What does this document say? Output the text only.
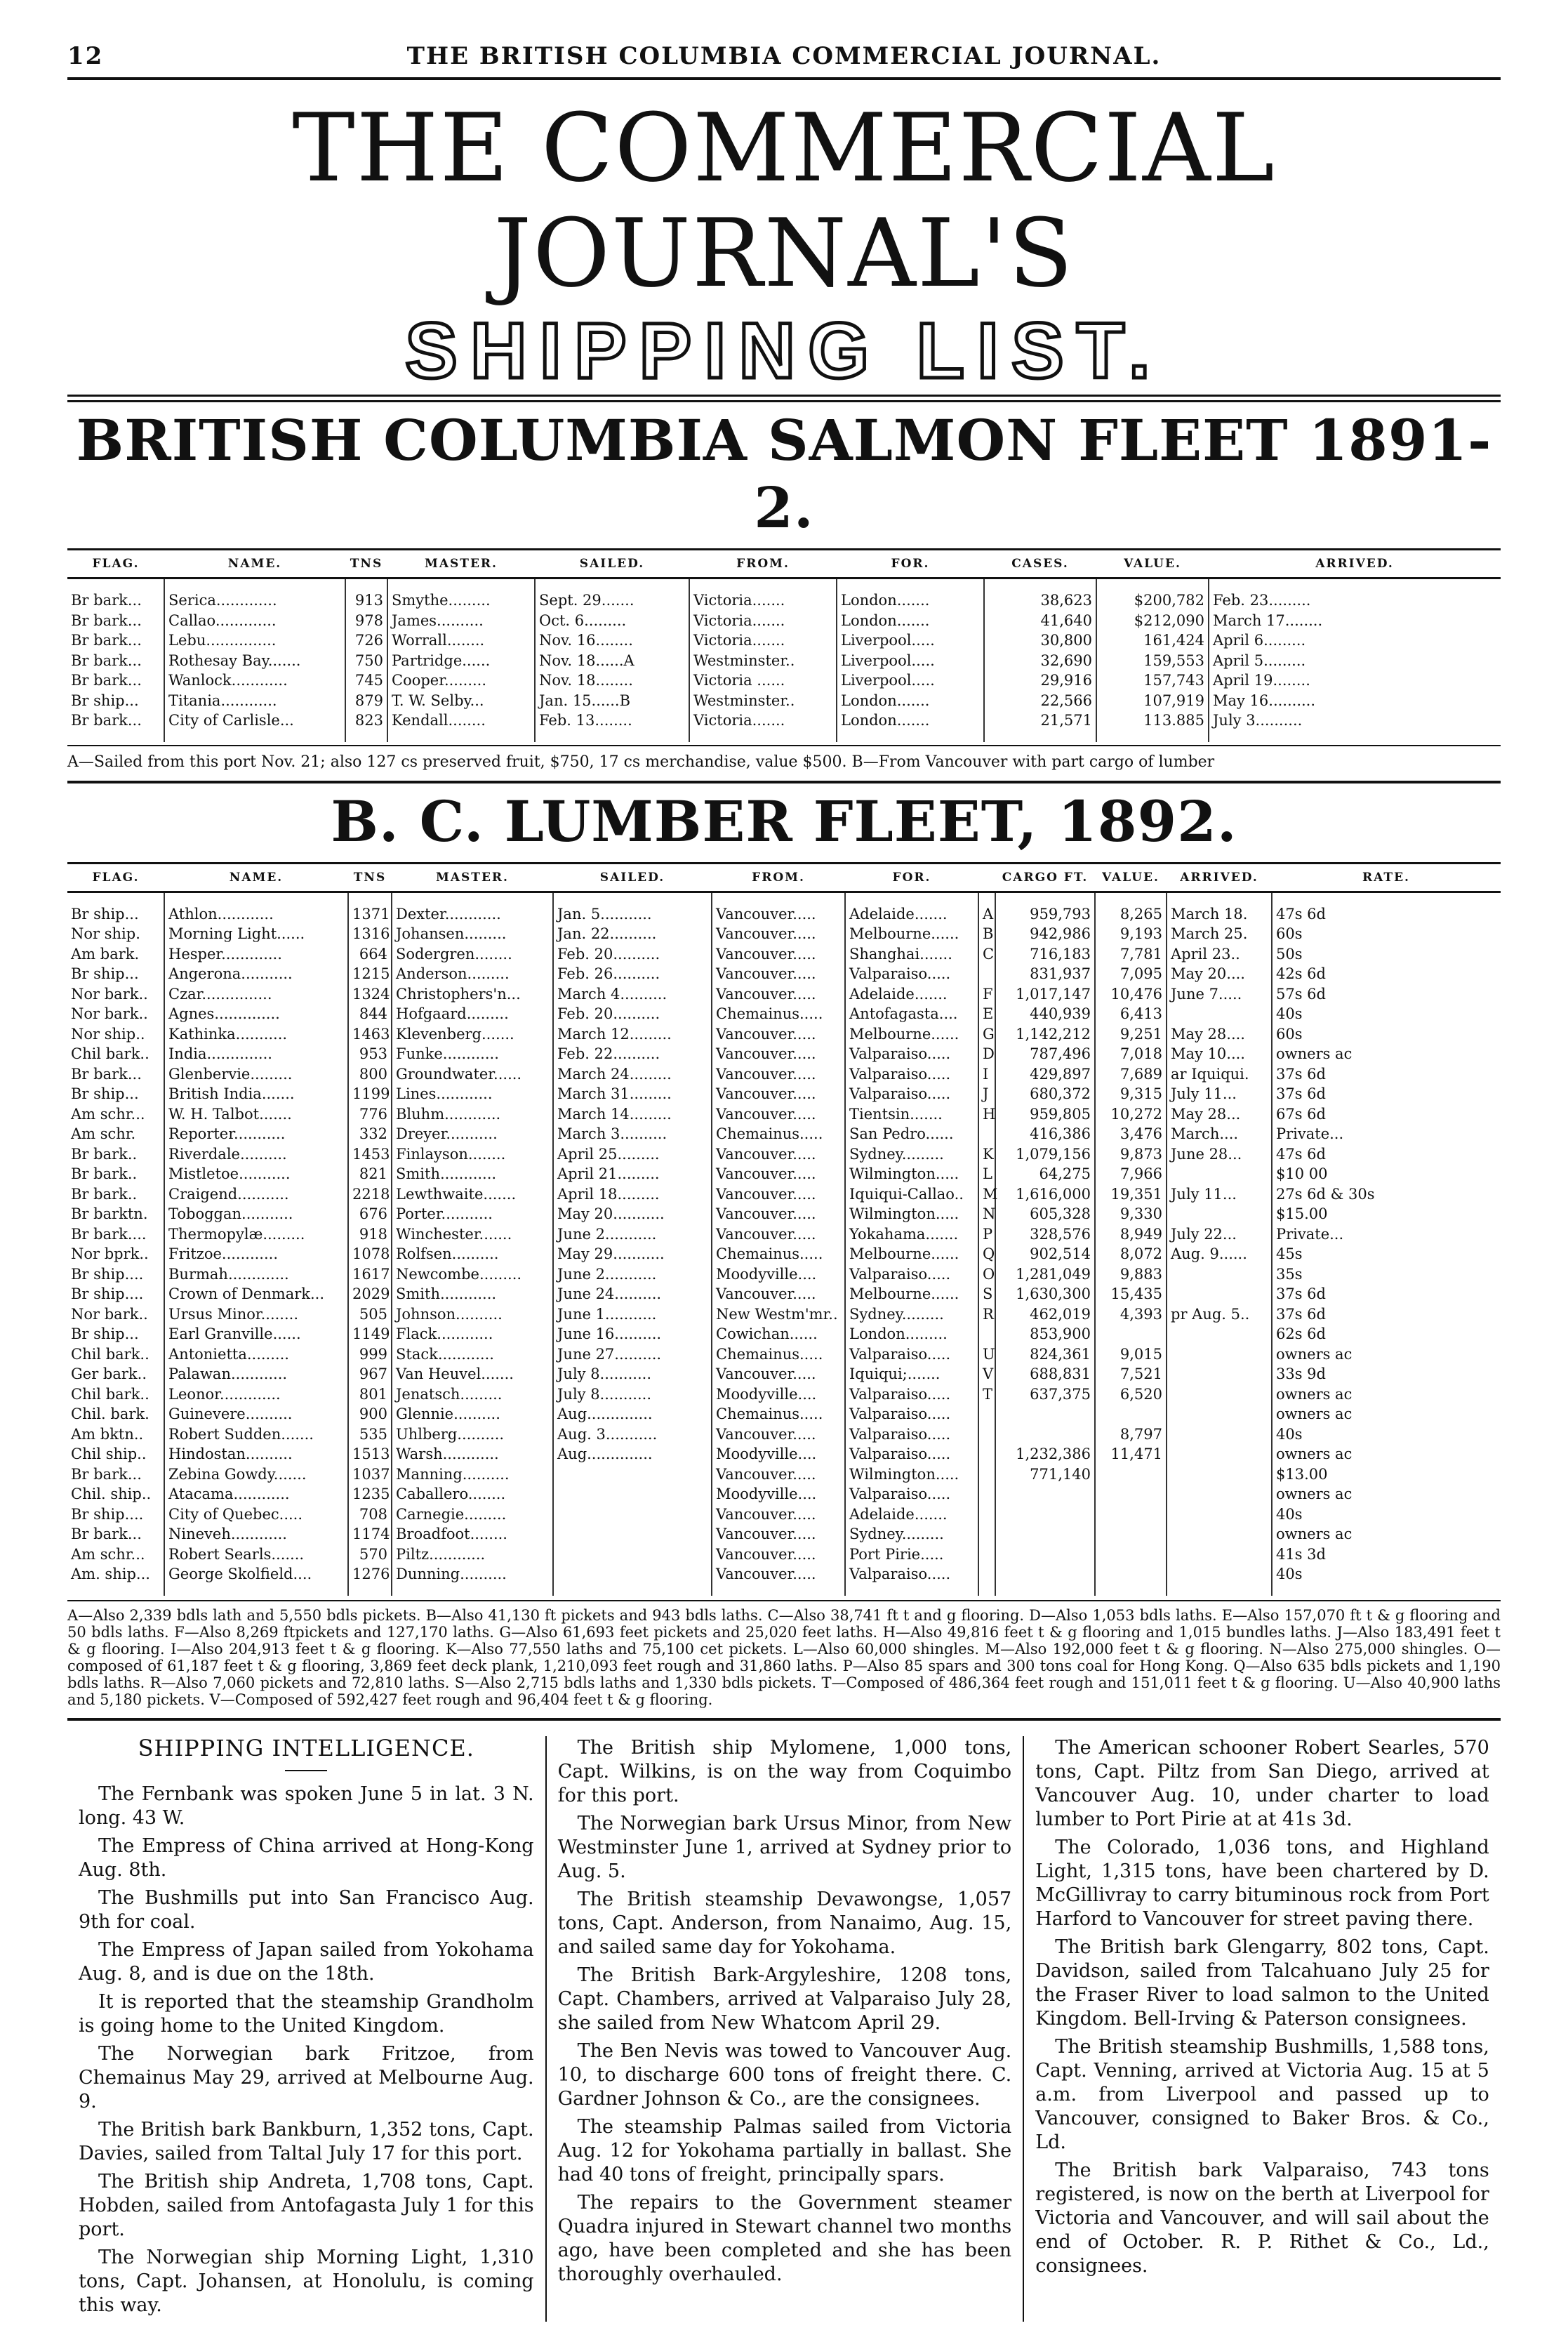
12	THE BRITISH COLUMBIA COMMERCIAL JOURNAL.
THE COMMERCIAL JOURNAL'S
SHIPPING LIST.
BRITISH COLUMBIA SALMON FLEET 1891-2.
FLAG.	NAME.	TNS	MASTER.	SAILED.	FROM.	FOR.	CASES.	VALUE.	ARRIVED.

Br bark...	Serica.............	913	Smythe.........	Sept. 29.......	Victoria.......	London.......	38,623	$200,782	Feb. 23.........
Br bark...	Callao.............	978	James..........	Oct. 6.........	Victoria.......	London.......	41,640	$212,090	March 17........
Br bark...	Lebu...............	726	Worrall........	Nov. 16........	Victoria.......	Liverpool.....	30,800	161,424	April 6.........
Br bark...	Rothesay Bay.......	750	Partridge......	Nov. 18......A	Westminster..	Liverpool.....	32,690	159,553	April 5.........
Br bark...	Wanlock............	745	Cooper.........	Nov. 18........	Victoria ......	Liverpool.....	29,916	157,743	April 19........
Br ship...	Titania............	879	T. W. Selby...	Jan. 15......B	Westminster..	London.......	22,566	107,919	May 16..........
Br bark...	City of Carlisle...	823	Kendall........	Feb. 13........	Victoria.......	London.......	21,571	113.885	July 3..........

A—Sailed from this port Nov. 21; also 127 cs preserved fruit, $750, 17 cs merchandise, value $500. B—From Vancouver with part cargo of lumber
B. C. LUMBER FLEET, 1892.
FLAG.	NAME.	TNS	MASTER.	SAILED.	FROM.	FOR.		CARGO FT.	VALUE.	ARRIVED.	RATE.

Br ship...	Athlon............	1371	Dexter............	Jan. 5...........	Vancouver.....	Adelaide.......	A	959,793	8,265	March 18.	47s 6d
Nor ship.	Morning Light......	1316	Johansen.........	Jan. 22..........	Vancouver.....	Melbourne......	B	942,986	9,193	March 25.	60s
Am bark.	Hesper.............	664	Sodergren........	Feb. 20..........	Vancouver.....	Shanghai.......	C	716,183	7,781	April 23..	50s
Br ship...	Angerona...........	1215	Anderson.........	Feb. 26..........	Vancouver.....	Valparaiso.....		831,937	7,095	May 20....	42s 6d
Nor bark..	Czar...............	1324	Christophers'n...	March 4..........	Vancouver.....	Adelaide.......	F	1,017,147	10,476	June 7.....	57s 6d
Nor bark..	Agnes..............	844	Hofgaard.........	Feb. 20..........	Chemainus.....	Antofagasta....	E	440,939	6,413		40s
Nor ship..	Kathinka...........	1463	Klevenberg.......	March 12.........	Vancouver.....	Melbourne......	G	1,142,212	9,251	May 28....	60s
Chil bark..	India..............	953	Funke............	Feb. 22..........	Vancouver.....	Valparaiso.....	D	787,496	7,018	May 10....	owners ac
Br bark...	Glenbervie.........	800	Groundwater......	March 24.........	Vancouver.....	Valparaiso.....	I	429,897	7,689	ar Iquiqui.	37s 6d
Br ship...	British India.......	1199	Lines............	March 31.........	Vancouver.....	Valparaiso.....	J	680,372	9,315	July 11...	37s 6d
Am schr...	W. H. Talbot.......	776	Bluhm............	March 14.........	Vancouver.....	Tientsin.......	H	959,805	10,272	May 28...	67s 6d
Am schr.	Reporter...........	332	Dreyer...........	March 3..........	Chemainus.....	San Pedro......		416,386	3,476	March....	Private...
Br bark..	Riverdale..........	1453	Finlayson........	April 25.........	Vancouver.....	Sydney.........	K	1,079,156	9,873	June 28...	47s 6d
Br bark..	Mistletoe...........	821	Smith............	April 21.........	Vancouver.....	Wilmington.....	L	64,275	7,966		$10 00
Br bark..	Craigend...........	2218	Lewthwaite.......	April 18.........	Vancouver.....	Iquiqui-Callao..	M	1,616,000	19,351	July 11...	27s 6d & 30s
Br barktn.	Toboggan...........	676	Porter...........	May 20...........	Vancouver.....	Wilmington.....	N	605,328	9,330		$15.00
Br bark....	Thermopylæ.........	918	Winchester.......	June 2...........	Vancouver.....	Yokahama.......	P	328,576	8,949	July 22...	Private...
Nor bprk..	Fritzoe............	1078	Rolfsen..........	May 29...........	Chemainus.....	Melbourne......	Q	902,514	8,072	Aug. 9......	45s
Br ship....	Burmah.............	1617	Newcombe.........	June 2...........	Moodyville....	Valparaiso.....	O	1,281,049	9,883		35s
Br ship....	Crown of Denmark...	2029	Smith............	June 24..........	Vancouver.....	Melbourne......	S	1,630,300	15,435		37s 6d
Nor bark..	Ursus Minor........	505	Johnson..........	June 1...........	New Westm'mr..	Sydney.........	R	462,019	4,393	pr Aug. 5..	37s 6d
Br ship...	Earl Granville......	1149	Flack............	June 16..........	Cowichan......	London.........		853,900			62s 6d
Chil bark..	Antonietta.........	999	Stack............	June 27..........	Chemainus.....	Valparaiso.....	U	824,361	9,015		owners ac
Ger bark..	Palawan............	967	Van Heuvel.......	July 8...........	Vancouver.....	Iquiqui;.......	V	688,831	7,521		33s 9d
Chil bark..	Leonor.............	801	Jenatsch.........	July 8...........	Moodyville....	Valparaiso.....	T	637,375	6,520		owners ac
Chil. bark.	Guinevere..........	900	Glennie..........	Aug..............	Chemainus.....	Valparaiso.....					owners ac
Am bktn..	Robert Sudden.......	535	Uhlberg..........	Aug. 3...........	Vancouver.....	Valparaiso.....			8,797		40s
Chil ship..	Hindostan..........	1513	Warsh............	Aug..............	Moodyville....	Valparaiso.....		1,232,386	11,471		owners ac
Br bark...	Zebina Gowdy.......	1037	Manning..........		Vancouver.....	Wilmington.....		771,140			$13.00
Chil. ship..	Atacama............	1235	Caballero........		Moodyville....	Valparaiso.....					owners ac
Br ship....	City of Quebec.....	708	Carnegie.........		Vancouver.....	Adelaide.......					40s
Br bark...	Nineveh............	1174	Broadfoot........		Vancouver.....	Sydney.........					owners ac
Am schr...	Robert Searls.......	570	Piltz............		Vancouver.....	Port Pirie.....					41s 3d
Am. ship...	George Skolfield....	1276	Dunning..........		Vancouver.....	Valparaiso.....					40s

A—Also 2,339 bdls lath and 5,550 bdls pickets. B—Also 41,130 ft pickets and 943 bdls laths. C—Also 38,741 ft t and g flooring. D—Also 1,053 bdls laths. E—Also 157,070 ft t & g flooring and 50 bdls laths. F—Also 8,269 ftpickets and 127,170 laths. G—Also 61,693 feet pickets and 25,020 feet laths. H—Also 49,816 feet t & g flooring and 1,015 bundles laths. J—Also 183,491 feet t & g flooring. I—Also 204,913 feet t & g flooring. K—Also 77,550 laths and 75,100 cet pickets. L—Also 60,000 shingles. M—Also 192,000 feet t & g flooring. N—Also 275,000 shingles. O—composed of 61,187 feet t & g flooring, 3,869 feet deck plank, 1,210,093 feet rough and 31,860 laths. P—Also 85 spars and 300 tons coal for Hong Kong. Q—Also 635 bdls pickets and 1,190 bdls laths. R—Also 7,060 pickets and 72,810 laths. S—Also 2,715 bdls laths and 1,330 bdls pickets. T—Composed of 486,364 feet rough and 151,011 feet t & g flooring. U—Also 40,900 laths and 5,180 pickets. V—Composed of 592,427 feet rough and 96,404 feet t & g flooring.

SHIPPING INTELLIGENCE.

The Fernbank was spoken June 5 in lat. 3 N. long. 43 W.

The Empress of China arrived at Hong-Kong Aug. 8th.

The Bushmills put into San Francisco Aug. 9th for coal.

The Empress of Japan sailed from Yokohama Aug. 8, and is due on the 18th.

It is reported that the steamship Grandholm is going home to the United Kingdom.

The Norwegian bark Fritzoe, from Chemainus May 29, arrived at Melbourne Aug. 9.

The British bark Bankburn, 1,352 tons, Capt. Davies, sailed from Taltal July 17 for this port.

The British ship Andreta, 1,708 tons, Capt. Hobden, sailed from Antofagasta July 1 for this port.

The Norwegian ship Morning Light, 1,310 tons, Capt. Johansen, at Honolulu, is coming this way.

The British ship Mylomene, 1,000 tons, Capt. Wilkins, is on the way from Coquimbo for this port.

The Norwegian bark Ursus Minor, from New Westminster June 1, arrived at Sydney prior to Aug. 5.

The British steamship Devawongse, 1,057 tons, Capt. Anderson, from Nanaimo, Aug. 15, and sailed same day for Yokohama.

The British Bark-Argyleshire, 1208 tons, Capt. Chambers, arrived at Valparaiso July 28, she sailed from New Whatcom April 29.

The Ben Nevis was towed to Vancouver Aug. 10, to discharge 600 tons of freight there. C. Gardner Johnson & Co., are the consignees.

The steamship Palmas sailed from Victoria Aug. 12 for Yokohama partially in ballast. She had 40 tons of freight, principally spars.

The repairs to the Government steamer Quadra injured in Stewart channel two months ago, have been completed and she has been thoroughly overhauled.

The American schooner Robert Searles, 570 tons, Capt. Piltz from San Diego, arrived at Vancouver Aug. 10, under charter to load lumber to Port Pirie at at 41s 3d.

The Colorado, 1,036 tons, and Highland Light, 1,315 tons, have been chartered by D. McGillivray to carry bituminous rock from Port Harford to Vancouver for street paving there.

The British bark Glengarry, 802 tons, Capt. Davidson, sailed from Talcahuano July 25 for the Fraser River to load salmon to the United Kingdom. Bell-Irving & Paterson consignees.

The British steamship Bushmills, 1,588 tons, Capt. Venning, arrived at Victoria Aug. 15 at 5 a.m. from Liverpool and passed up to Vancouver, consigned to Baker Bros. & Co., Ld.

The British bark Valparaiso, 743 tons registered, is now on the berth at Liverpool for Victoria and Vancouver, and will sail about the end of October. R. P. Rithet & Co., Ld., consignees.
